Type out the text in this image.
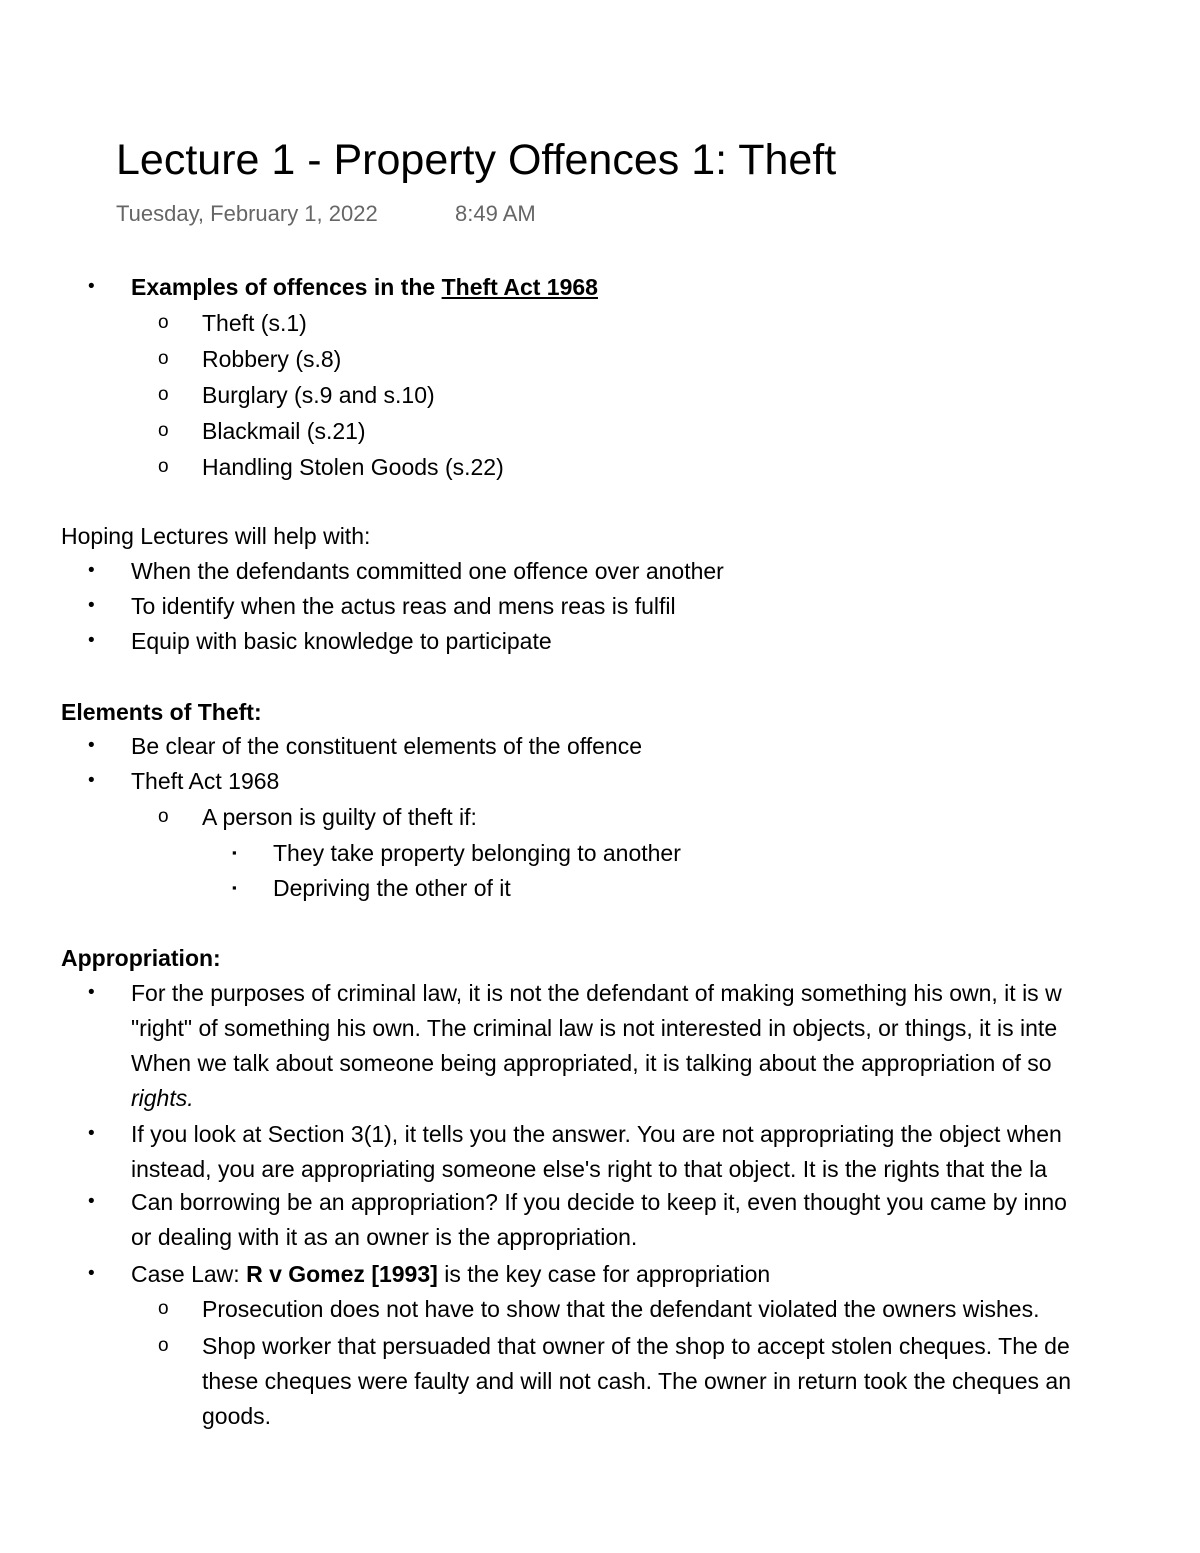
Lecture 1 - Property Offences 1: Theft
Tuesday, February 1, 2022	8:49 AM
• Examples of offences in the Theft Act 1968
o Theft (s.1)
o Robbery (s.8)
o Burglary (s.9 and s.10)
o Blackmail (s.21)
o Handling Stolen Goods (s.22)
Hoping Lectures will help with:
• When the defendants committed one offence over another
• To identify when the actus reas and mens reas is fulfil
• Equip with basic knowledge to participate
Elements of Theft:
• Be clear of the constituent elements of the offence
• Theft Act 1968
o A person is guilty of theft if:
▪ They take property belonging to another
▪ Depriving the other of it
Appropriation:
• For the purposes of criminal law, it is not the defendant of making something his own, it is w
"right" of something his own. The criminal law is not interested in objects, or things, it is inte
When we talk about someone being appropriated, it is talking about the appropriation of so
rights.
• If you look at Section 3(1), it tells you the answer. You are not appropriating the object when
instead, you are appropriating someone else's right to that object. It is the rights that the la
• Can borrowing be an appropriation? If you decide to keep it, even thought you came by inno
or dealing with it as an owner is the appropriation.
• Case Law: R v Gomez [1993] is the key case for appropriation
o Prosecution does not have to show that the defendant violated the owners wishes.
o Shop worker that persuaded that owner of the shop to accept stolen cheques. The de
these cheques were faulty and will not cash. The owner in return took the cheques an
goods.
